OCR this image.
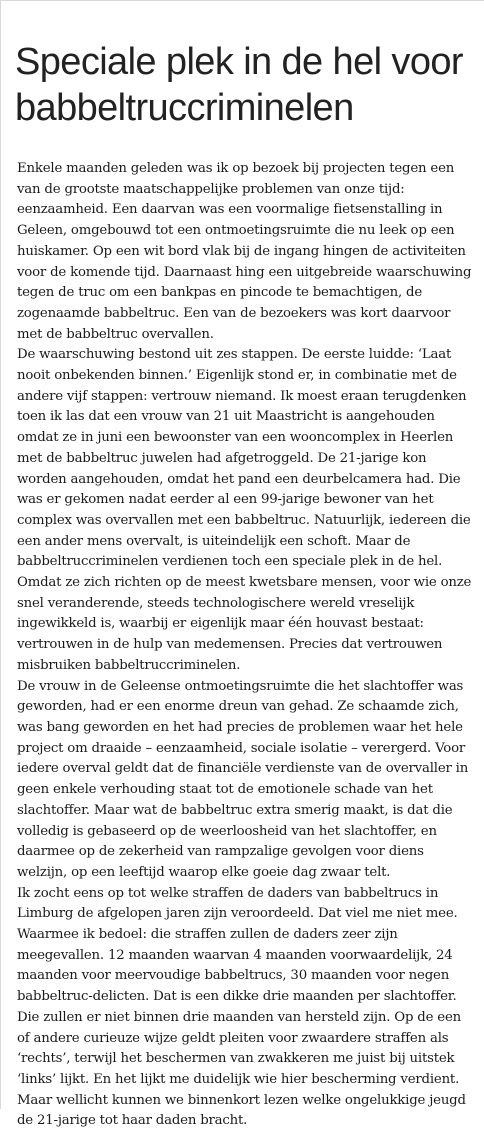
Speciale plek in de hel voor babbeltruccriminelen

Enkele maanden geleden was ik op bezoek bij projecten tegen een van de grootste maatschappelijke problemen van onze tijd: eenzaamheid. Een daarvan was een voormalige fietsenstalling in Geleen, omgebouwd tot een ontmoetingsruimte die nu leek op een huiskamer. Op een wit bord vlak bij de ingang hingen de activiteiten voor de komende tijd. Daarnaast hing een uitgebreide waarschuwing tegen de truc om een bankpas en pincode te bemachtigen, de zogenaamde babbeltruc. Een van de bezoekers was kort daarvoor met de babbeltruc overvallen.

De waarschuwing bestond uit zes stappen. De eerste luidde: ‘Laat nooit onbekenden binnen.’ Eigenlijk stond er, in combinatie met de andere vijf stappen: vertrouw niemand. Ik moest eraan terugdenken toen ik las dat een vrouw van 21 uit Maastricht is aangehouden omdat ze in juni een bewoonster van een wooncomplex in Heerlen met de babbeltruc juwelen had afgetroggeld. De 21-jarige kon worden aangehouden, omdat het pand een deurbelcamera had. Die was er gekomen nadat eerder al een 99-jarige bewoner van het complex was overvallen met een babbeltruc. Natuurlijk, iedereen die een ander mens overvalt, is uiteindelijk een schoft. Maar de babbeltruccriminelen verdienen toch een speciale plek in de hel. Omdat ze zich richten op de meest kwetsbare mensen, voor wie onze snel veranderende, steeds technologischere wereld vreselijk ingewikkeld is, waarbij er eigenlijk maar één houvast bestaat: vertrouwen in de hulp van medemensen. Precies dat vertrouwen misbruiken babbeltruccriminelen.

De vrouw in de Geleense ontmoetingsruimte die het slachtoffer was geworden, had er een enorme dreun van gehad. Ze schaamde zich, was bang geworden en het had precies de problemen waar het hele project om draaide – eenzaamheid, sociale isolatie – verergerd. Voor iedere overval geldt dat de financiële verdienste van de overvaller in geen enkele verhouding staat tot de emotionele schade van het slachtoffer. Maar wat de babbeltruc extra smerig maakt, is dat die volledig is gebaseerd op de weerloosheid van het slachtoffer, en daarmee op de zekerheid van rampzalige gevolgen voor diens welzijn, op een leeftijd waarop elke goeie dag zwaar telt.

Ik zocht eens op tot welke straffen de daders van babbeltrucs in Limburg de afgelopen jaren zijn veroordeeld. Dat viel me niet mee. Waarmee ik bedoel: die straffen zullen de daders zeer zijn meegevallen. 12 maanden waarvan 4 maanden voorwaardelijk, 24 maanden voor meervoudige babbeltrucs, 30 maanden voor negen babbeltruc-delicten. Dat is een dikke drie maanden per slachtoffer. Die zullen er niet binnen drie maanden van hersteld zijn. Op de een of andere curieuze wijze geldt pleiten voor zwaardere straffen als ‘rechts’, terwijl het beschermen van zwakkeren me juist bij uitstek ‘links’ lijkt. En het lijkt me duidelijk wie hier bescherming verdient. Maar wellicht kunnen we binnenkort lezen welke ongelukkige jeugd de 21-jarige tot haar daden bracht.
